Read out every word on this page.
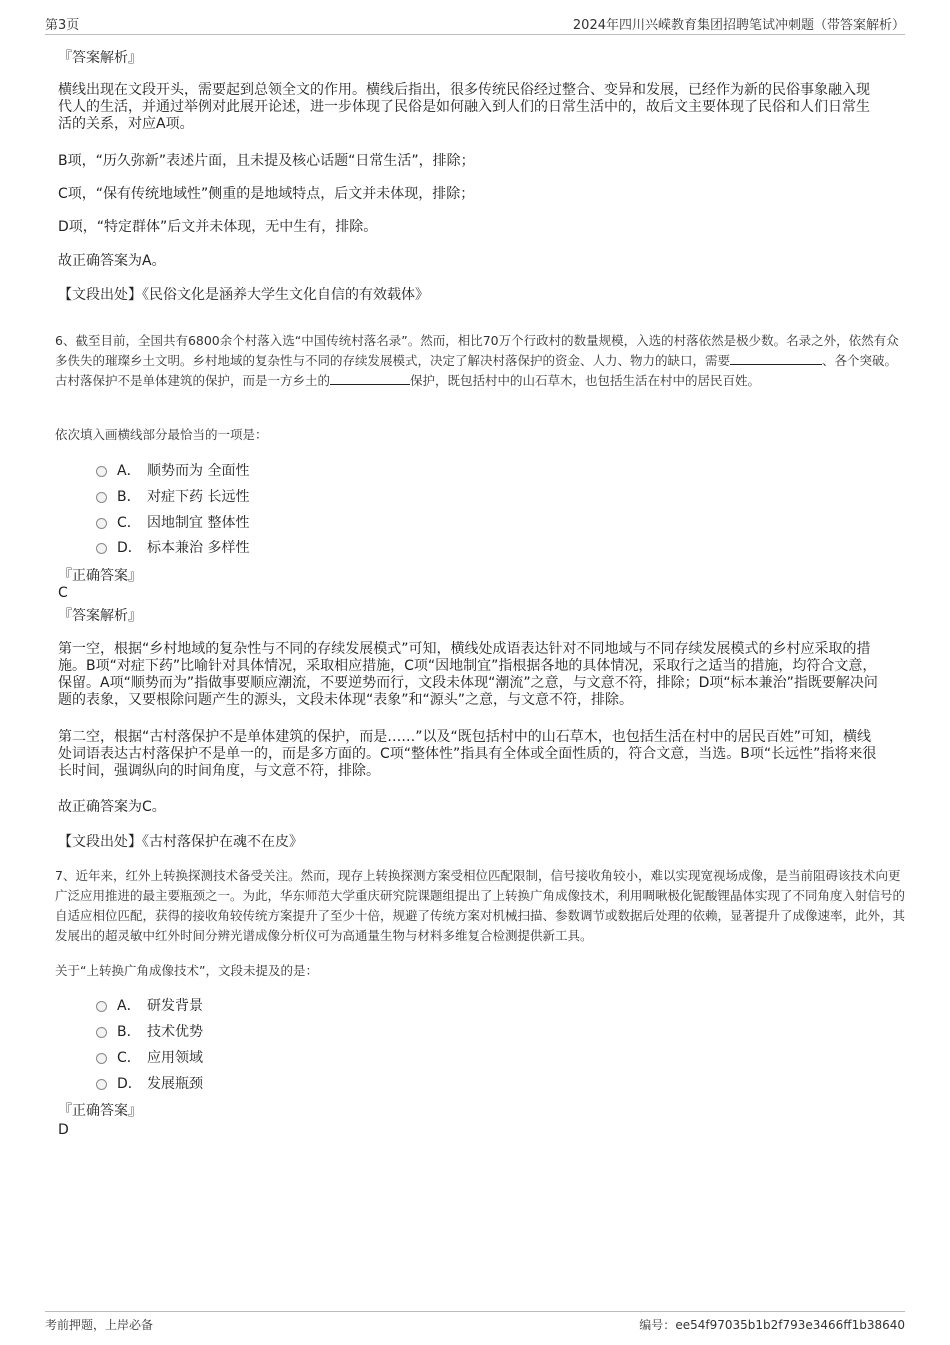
第3页	2024年四川兴嵘教育集团招聘笔试冲刺题（带答案解析）
『答案解析』
横线出现在文段开头，需要起到总领全文的作用。横线后指出，很多传统民俗经过整合、变异和发展，已经作为新的民俗事象融入现代人的生活，并通过举例对此展开论述，进一步体现了民俗是如何融入到人们的日常生活中的，故后文主要体现了民俗和人们日常生活的关系，对应A项。
B项，“历久弥新”表述片面，且未提及核心话题“日常生活”，排除；
C项，“保有传统地域性”侧重的是地域特点，后文并未体现，排除；
D项，“特定群体”后文并未体现，无中生有，排除。
故正确答案为A。
【文段出处】《民俗文化是涵养大学生文化自信的有效载体》
6、截至目前，全国共有6800余个村落入选“中国传统村落名录”。然而，相比70万个行政村的数量规模，入选的村落依然是极少数。名录之外，依然有众多佚失的璀璨乡土文明。乡村地域的复杂性与不同的存续发展模式，决定了解决村落保护的资金、人力、物力的缺口，需要	、各个突破。古村落保护不是单体建筑的保护，而是一方乡土的	保护，既包括村中的山石草木，也包括生活在村中的居民百姓。
依次填入画横线部分最恰当的一项是：
A． 顺势而为 全面性
B． 对症下药 长远性
C． 因地制宜 整体性
D． 标本兼治 多样性
『正确答案』
C
『答案解析』
第一空，根据“乡村地域的复杂性与不同的存续发展模式”可知，横线处成语表达针对不同地域与不同存续发展模式的乡村应采取的措施。B项“对症下药”比喻针对具体情况，采取相应措施，C项“因地制宜”指根据各地的具体情况，采取行之适当的措施，均符合文意，保留。A项“顺势而为”指做事要顺应潮流，不要逆势而行，文段未体现“潮流”之意，与文意不符，排除；D项“标本兼治”指既要解决问题的表象，又要根除问题产生的源头，文段未体现“表象”和“源头”之意，与文意不符，排除。
第二空，根据“古村落保护不是单体建筑的保护，而是……”以及“既包括村中的山石草木，也包括生活在村中的居民百姓”可知，横线处词语表达古村落保护不是单一的，而是多方面的。C项“整体性”指具有全体或全面性质的，符合文意，当选。B项“长远性”指将来很长时间，强调纵向的时间角度，与文意不符，排除。
故正确答案为C。
【文段出处】《古村落保护在魂不在皮》
7、近年来，红外上转换探测技术备受关注。然而，现存上转换探测方案受相位匹配限制，信号接收角较小，难以实现宽视场成像，是当前阻碍该技术向更广泛应用推进的最主要瓶颈之一。为此，华东师范大学重庆研究院课题组提出了上转换广角成像技术，利用啁啾极化铌酸锂晶体实现了不同角度入射信号的自适应相位匹配，获得的接收角较传统方案提升了至少十倍，规避了传统方案对机械扫描、参数调节或数据后处理的依赖，显著提升了成像速率，此外，其发展出的超灵敏中红外时间分辨光谱成像分析仪可为高通量生物与材料多维复合检测提供新工具。
关于“上转换广角成像技术”，文段未提及的是：
A． 研发背景
B． 技术优势
C． 应用领域
D． 发展瓶颈
『正确答案』
D
考前押题，上岸必备	编号：ee54f97035b1b2f793e3466ff1b38640
